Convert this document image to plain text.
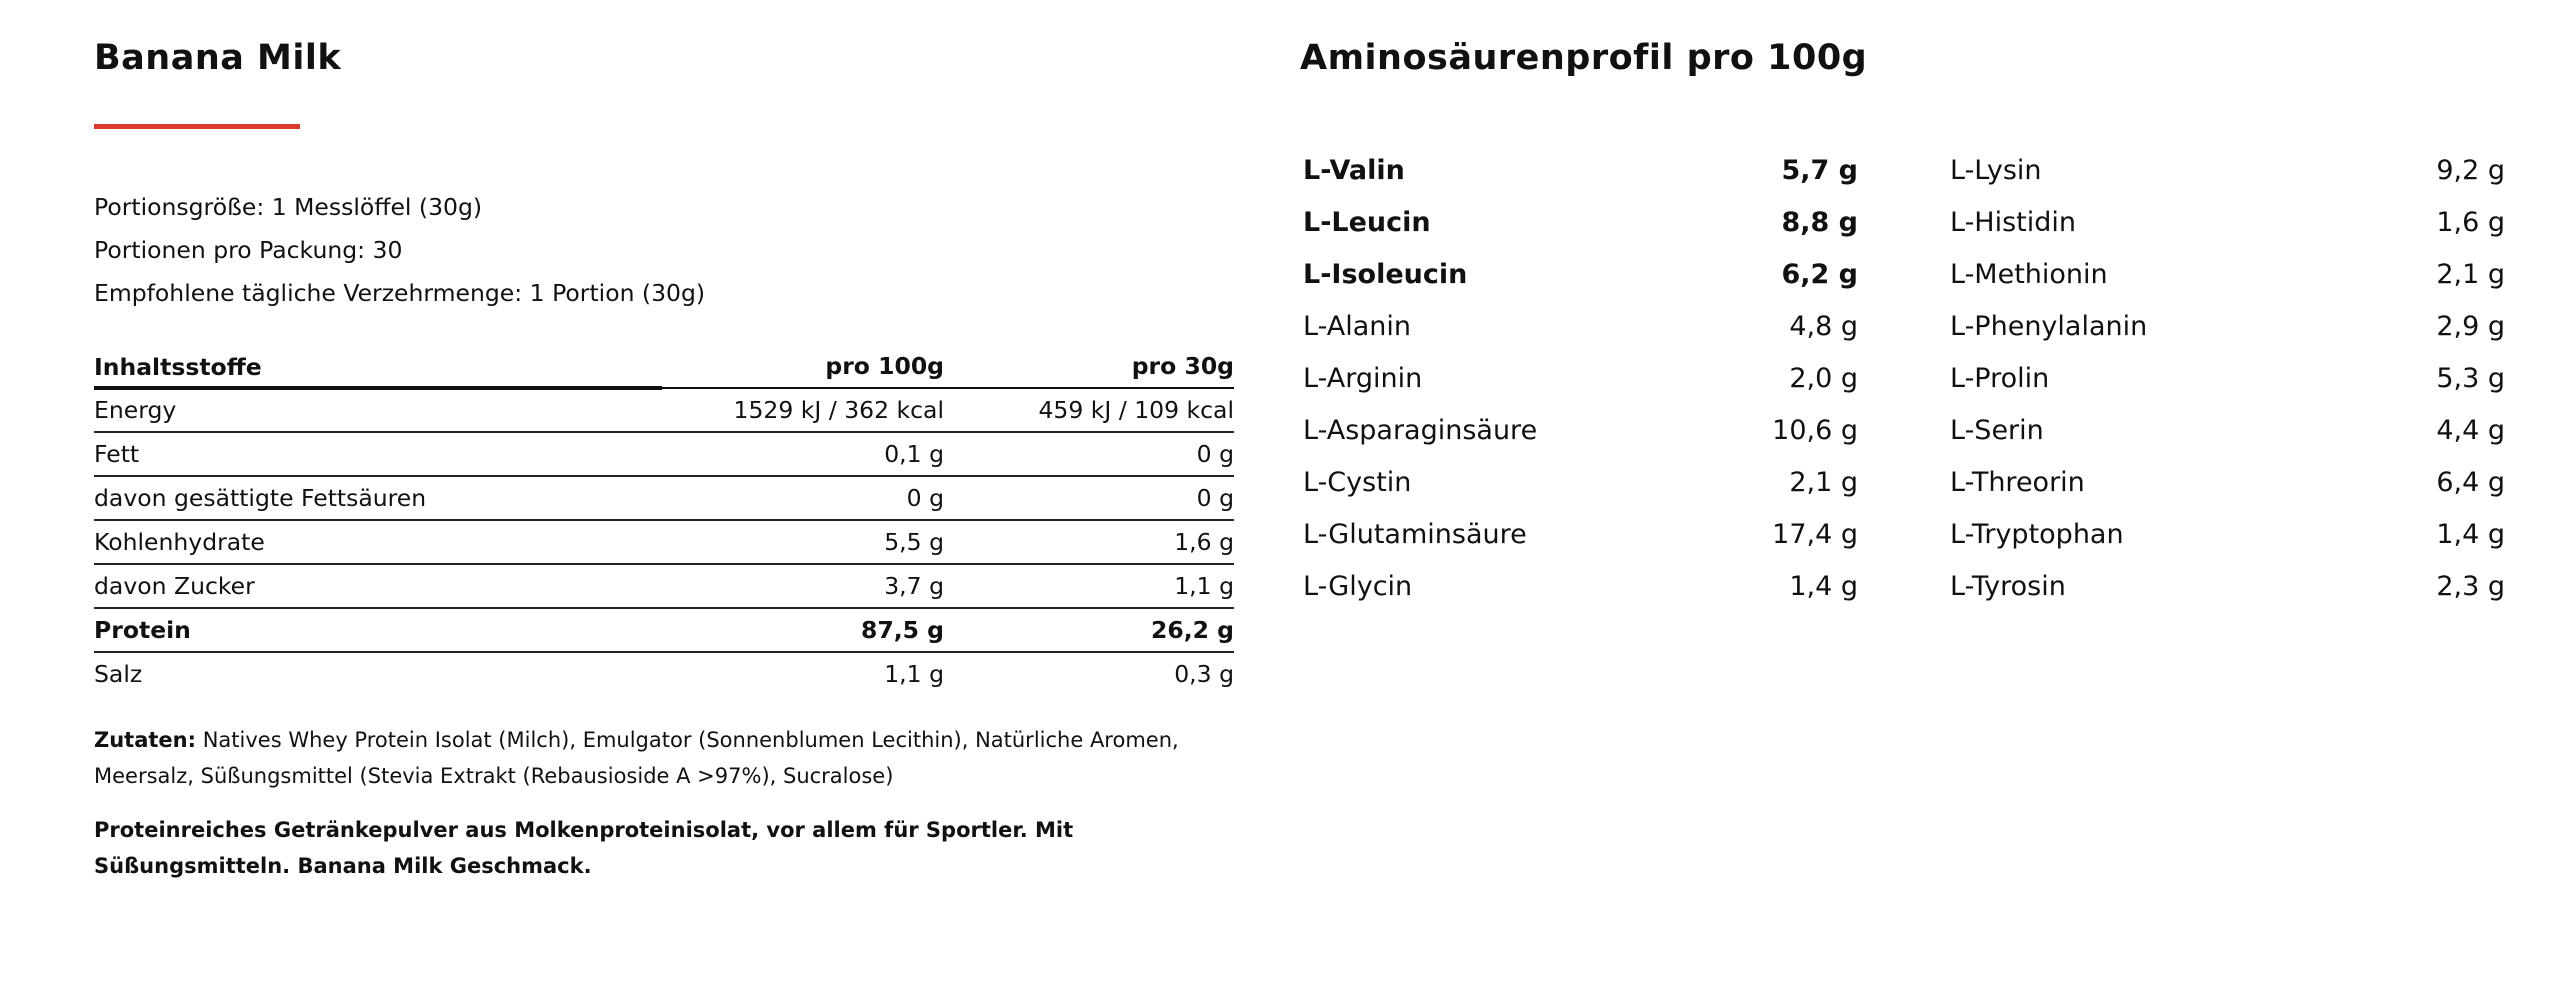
Banana Milk
Portionsgröße: 1 Messlöffel (30g)
Portionen pro Packung: 30
Empfohlene tägliche Verzehrmenge: 1 Portion (30g)
Inhaltsstoffe	pro 100g	pro 30g
Energy	1529 kJ / 362 kcal	459 kJ / 109 kcal
Fett	0,1 g	0 g
davon gesättigte Fettsäuren	0 g	0 g
Kohlenhydrate	5,5 g	1,6 g
davon Zucker	3,7 g	1,1 g
Protein	87,5 g	26,2 g
Salz	1,1 g	0,3 g
Zutaten: Natives Whey Protein Isolat (Milch), Emulgator (Sonnenblumen Lecithin), Natürliche Aromen, Meersalz, Süßungsmittel (Stevia Extrakt (Rebausioside A >97%), Sucralose)
Proteinreiches Getränkepulver aus Molkenproteinisolat, vor allem für Sportler. Mit Süßungsmitteln. Banana Milk Geschmack.
Aminosäurenprofil pro 100g
L-Valin	5,7 g
L-Leucin	8,8 g
L-Isoleucin	6,2 g
L-Alanin	4,8 g
L-Arginin	2,0 g
L-Asparaginsäure	10,6 g
L-Cystin	2,1 g
L-Glutaminsäure	17,4 g
L-Glycin	1,4 g
L-Lysin	9,2 g
L-Histidin	1,6 g
L-Methionin	2,1 g
L-Phenylalanin	2,9 g
L-Prolin	5,3 g
L-Serin	4,4 g
L-Threorin	6,4 g
L-Tryptophan	1,4 g
L-Tyrosin	2,3 g
